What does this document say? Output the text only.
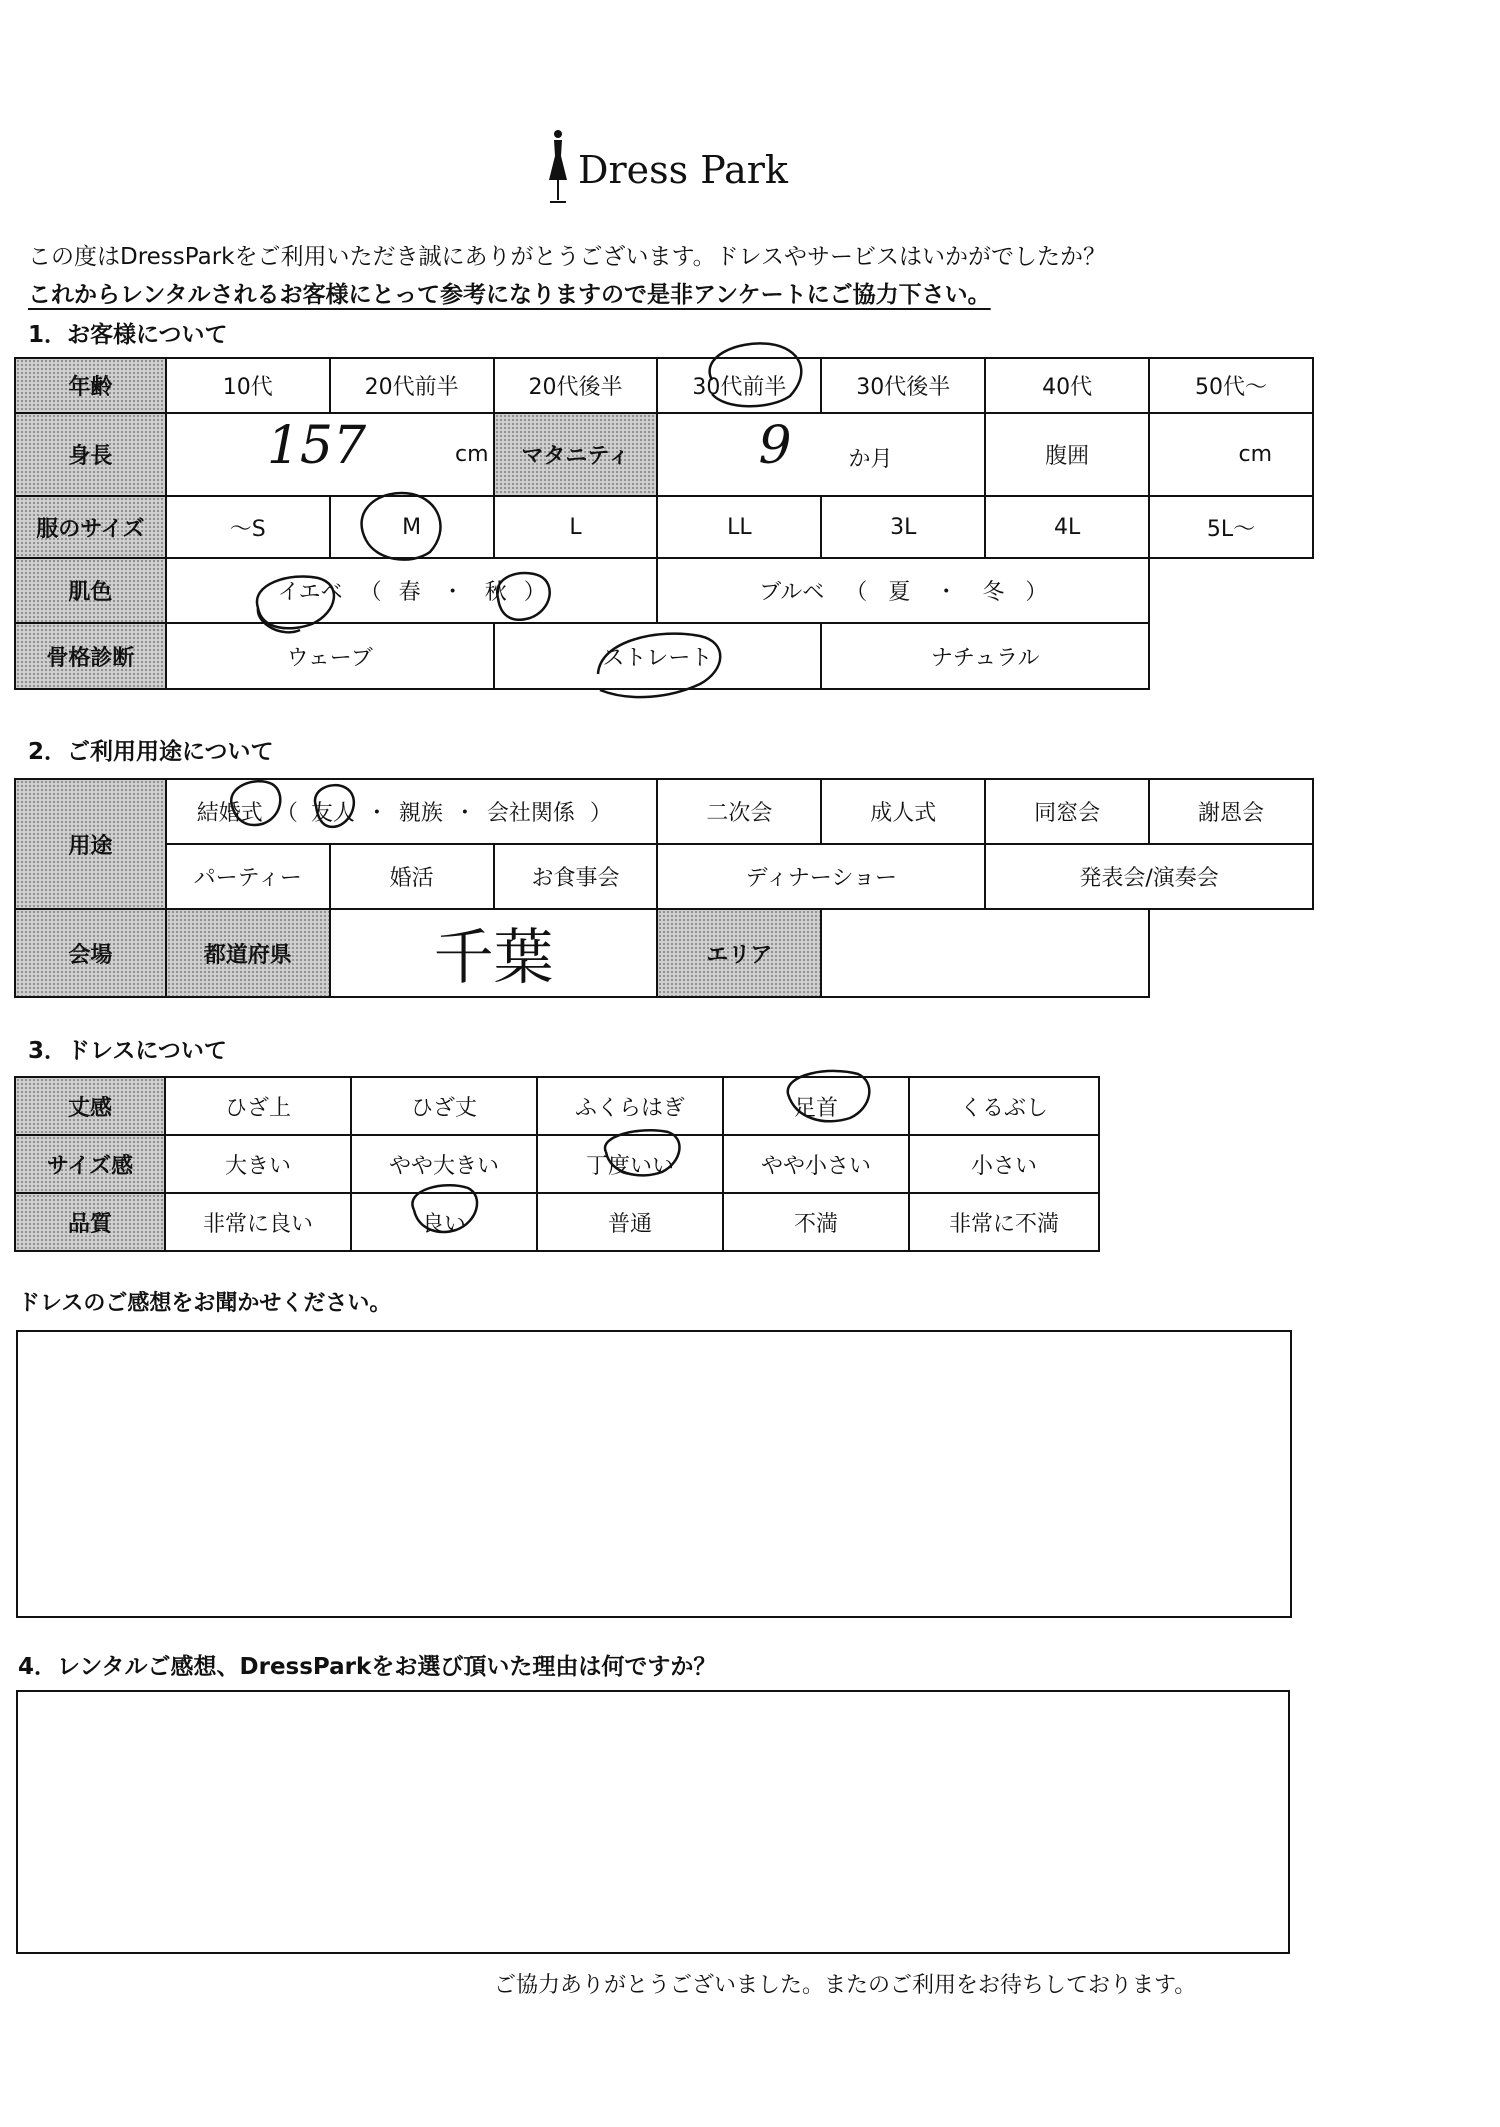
Dress Park
この度はDressParkをご利用いただき誠にありがとうございます。ドレスやサービスはいかがでしたか？
これからレンタルされるお客様にとって参考になりますので是非アンケートにご協力下さい。
1．お客様について
年齢	10代	20代前半	20代後半	30代前半	30代後半	40代	50代～
身長	157 cm		マタニティ	9 か月		腹囲	cm
服のサイズ	～S	M	L	LL	3L	4L	5L～
肌色	イエベ （ 春 ・ 秋 ）			ブルベ （ 夏 ・ 冬 ）			
骨格診断	ウェーブ		ストレート		ナチュラル		
2．ご利用用途について
用途	結婚式 （ 友人 ・ 親族 ・ 会社関係 ）			二次会	成人式	同窓会	謝恩会
	パーティー	婚活	お食事会	ディナーショー		発表会/演奏会	
会場	都道府県	千葉		エリア			
3．ドレスについて
丈感	ひざ上	ひざ丈	ふくらはぎ	足首	くるぶし
サイズ感	大きい	やや大きい	丁度いい	やや小さい	小さい
品質	非常に良い	良い	普通	不満	非常に不満
ドレスのご感想をお聞かせください。
4．レンタルご感想、DressParkをお選び頂いた理由は何ですか？
ご協力ありがとうございました。またのご利用をお待ちしております。
